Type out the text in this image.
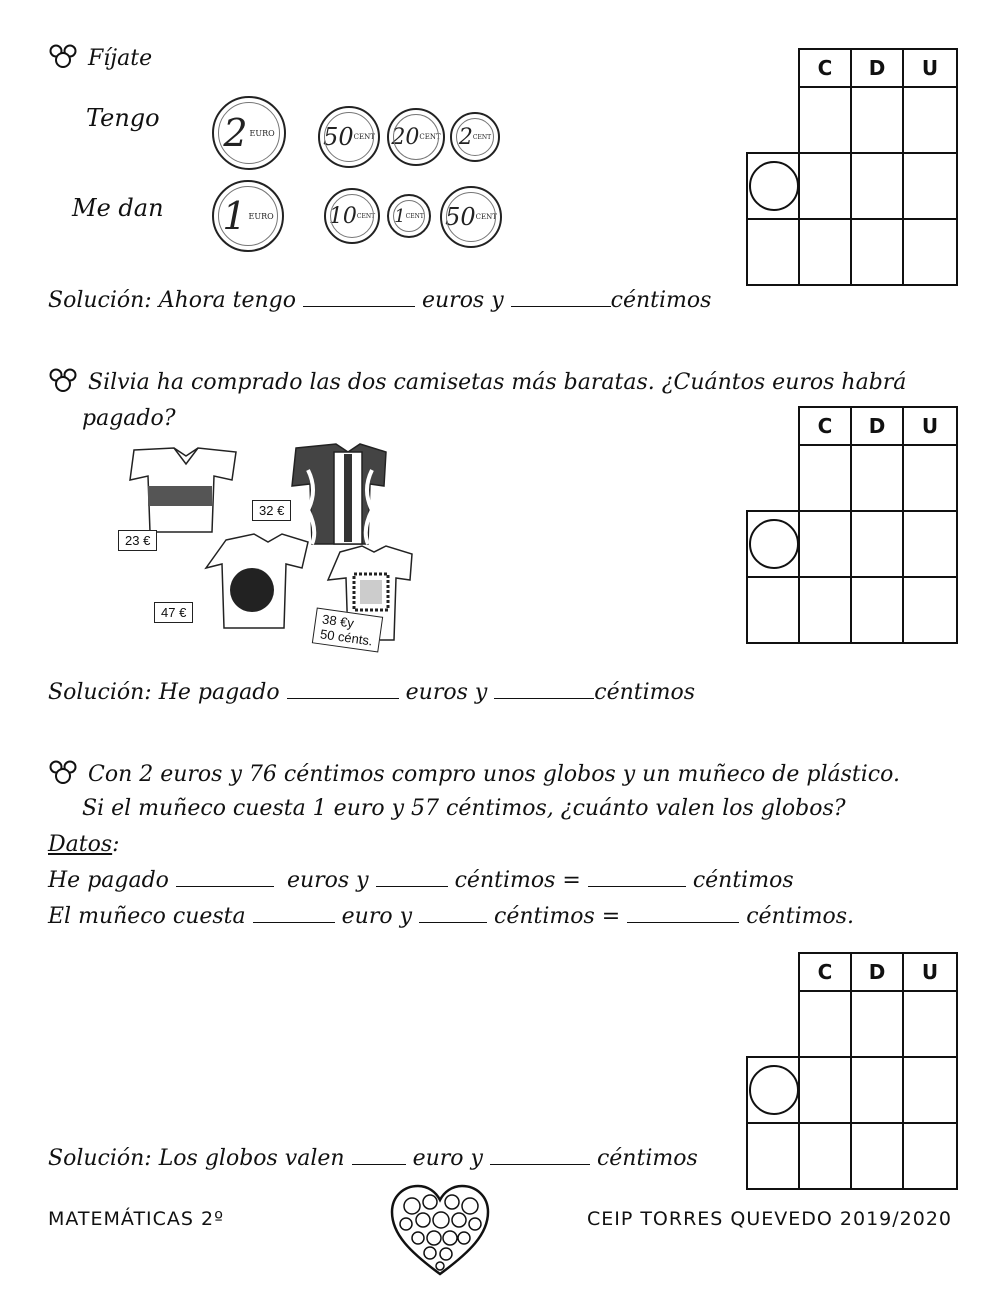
Fíjate
Tengo
Me dan
2 EURO 50 CENT 20 CENT 2 CENT
1 EURO	10 CENT 1 CENT 50 CENT
Solución: Ahora tengo	euros y	céntimos
C	D	U
Silvia ha comprado las dos camisetas más baratas. ¿Cuántos euros habrá
pagado?
23 €
32 €
47 €	38 €y
50 cénts.
Solución: He pagado	euros y	céntimos
C	D	U
Con 2 euros y 76 céntimos compro unos globos y un muñeco de plástico.
Si el muñeco cuesta 1 euro y 57 céntimos, ¿cuánto valen los globos?
Datos:
He pagado	euros y	céntimos =	céntimos
El muñeco cuesta	euro y	céntimos =	céntimos.
Solución: Los globos valen	euro y	céntimos
C	D	U
MATEMÁTICAS 2º	CEIP TORRES QUEVEDO 2019/2020
